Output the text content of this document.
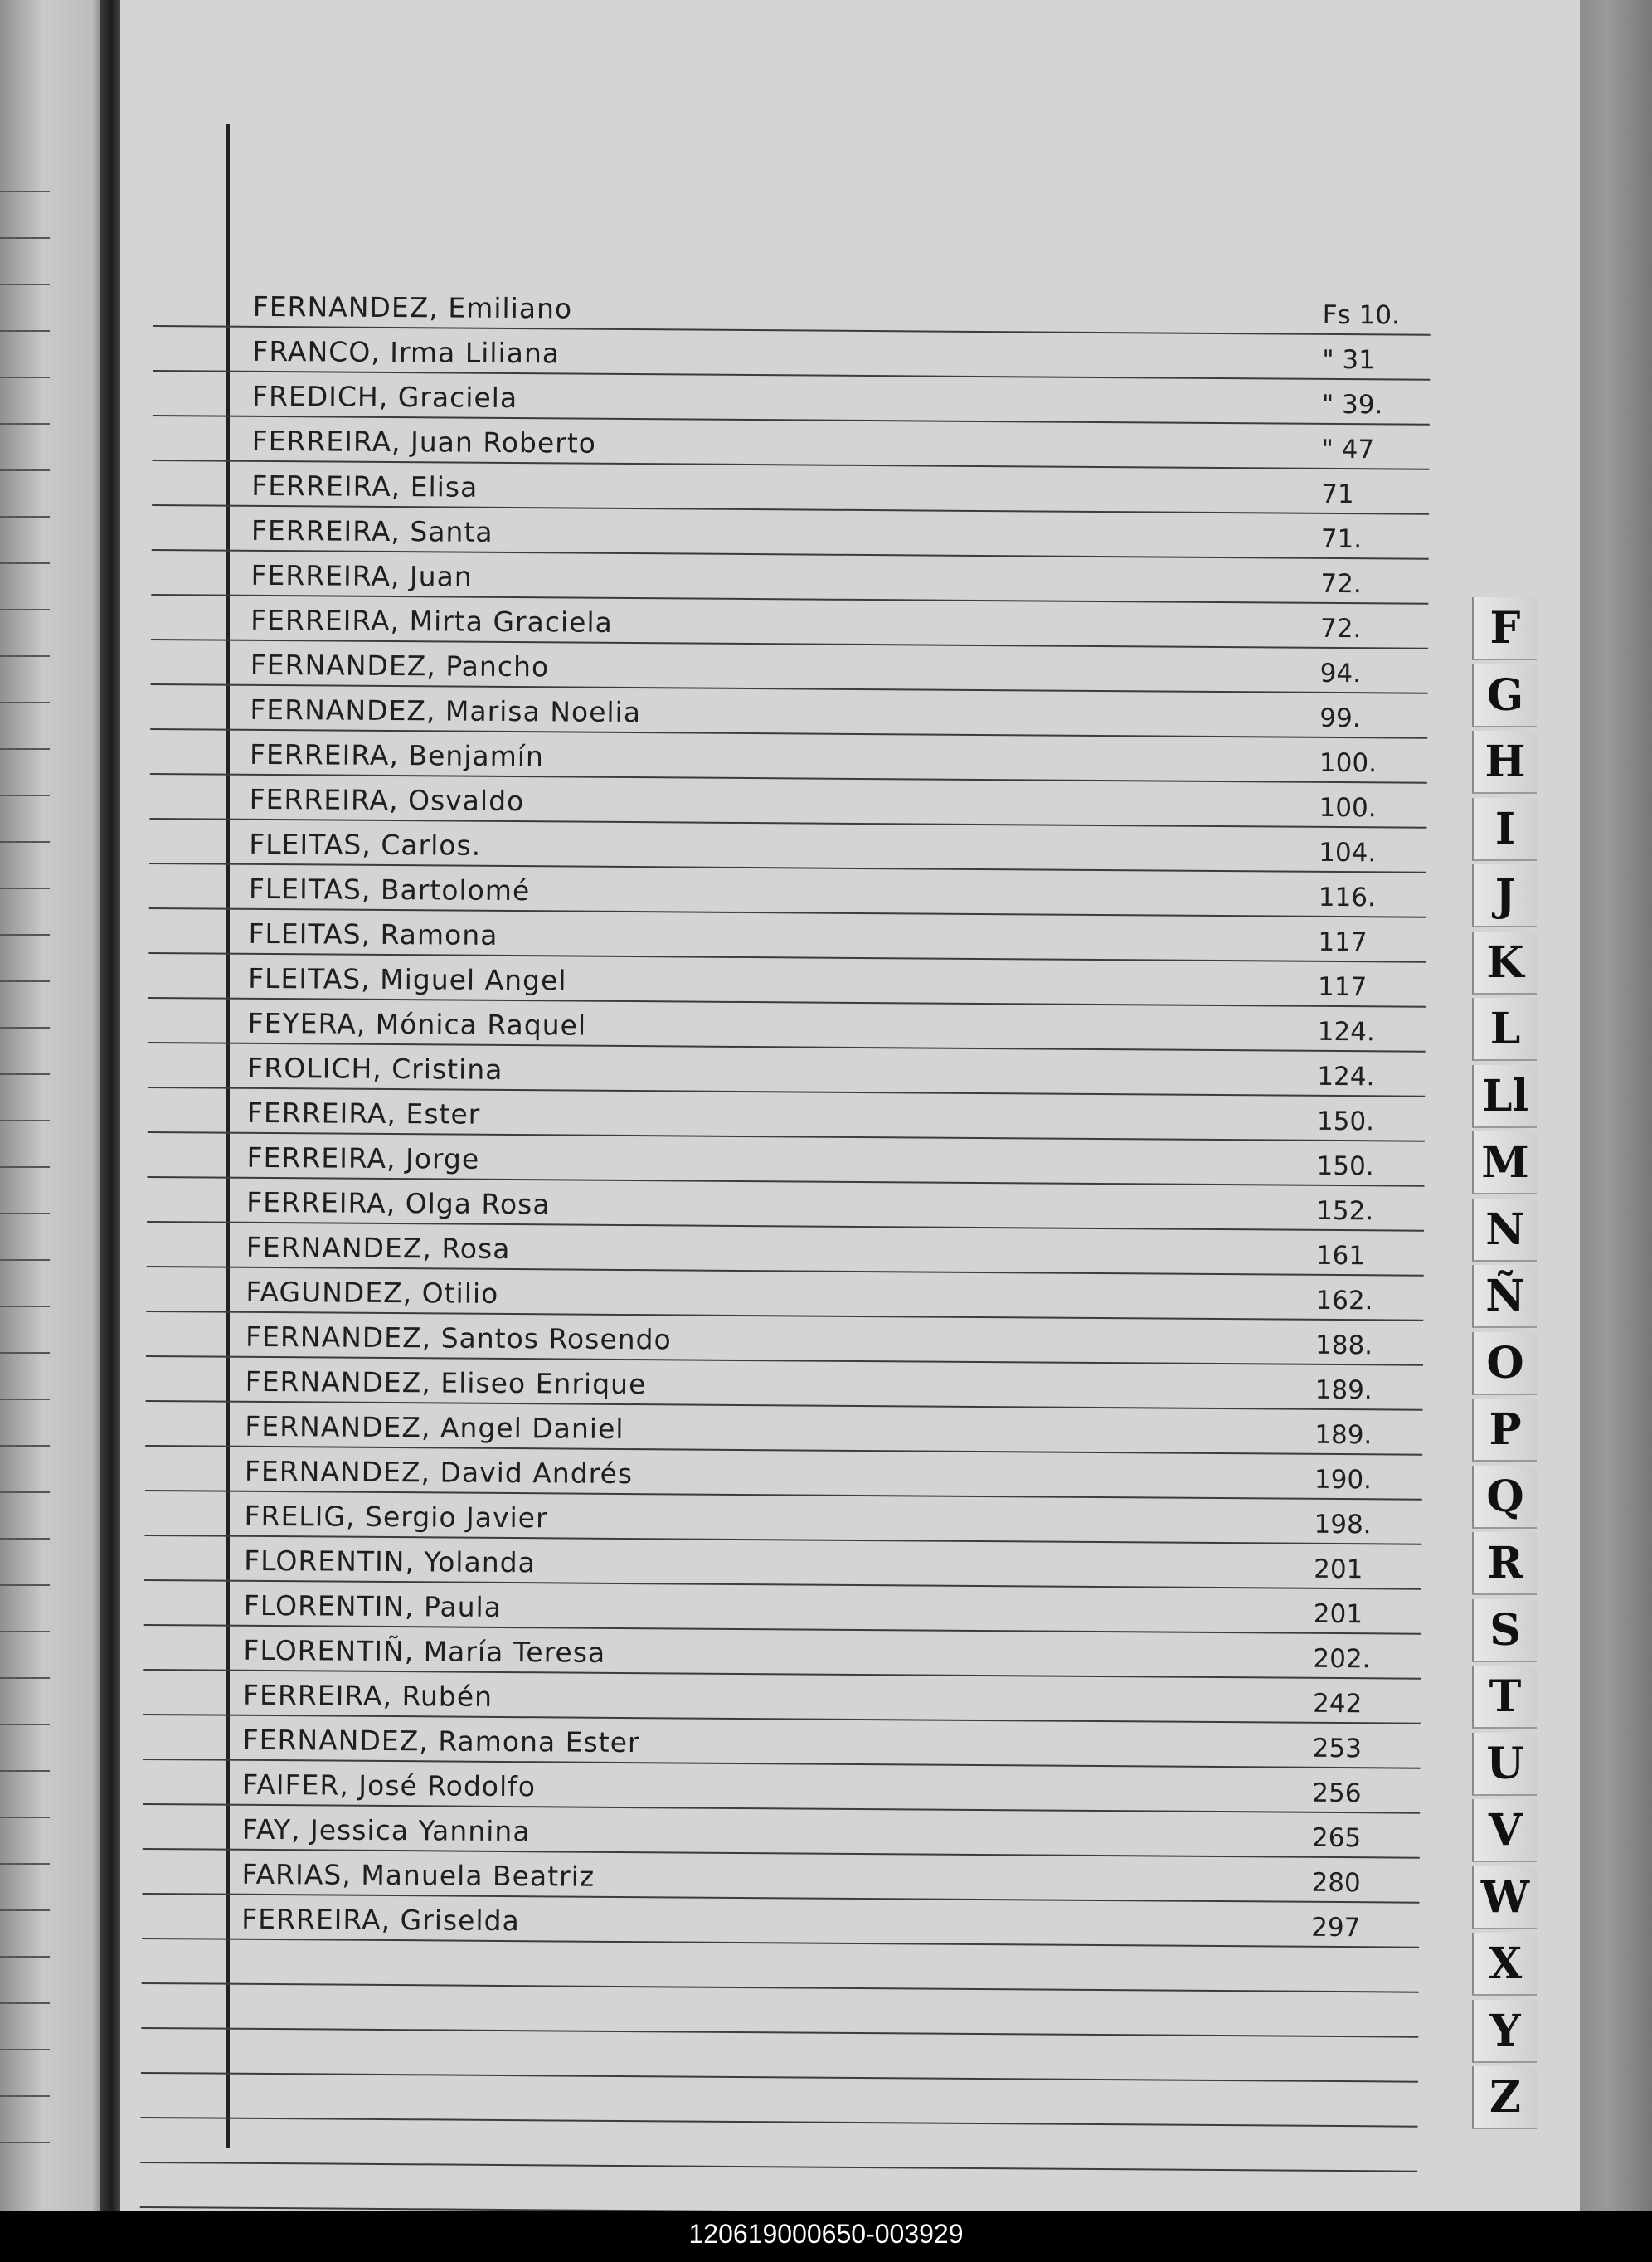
FERNANDEZ, Emiliano	Fs 10.
FRANCO, Irma Liliana	" 31
FREDICH, Graciela	" 39.
FERREIRA, Juan Roberto	" 47
FERREIRA, Elisa	71
FERREIRA, Santa	71.
FERREIRA, Juan	72.
FERREIRA, Mirta Graciela	72.
FERNANDEZ, Pancho	94.
FERNANDEZ, Marisa Noelia	99.
FERREIRA, Benjamín	100.
FERREIRA, Osvaldo	100.
FLEITAS, Carlos.	104.
FLEITAS, Bartolomé	116.
FLEITAS, Ramona	117
FLEITAS, Miguel Angel	117
FEYERA, Mónica Raquel	124.
FROLICH, Cristina	124.
FERREIRA, Ester	150.
FERREIRA, Jorge	150.
FERREIRA, Olga Rosa	152.
FERNANDEZ, Rosa	161
FAGUNDEZ, Otilio	162.
FERNANDEZ, Santos Rosendo	188.
FERNANDEZ, Eliseo Enrique	189.
FERNANDEZ, Angel Daniel	189.
FERNANDEZ, David Andrés	190.
FRELIG, Sergio Javier	198.
FLORENTIN, Yolanda	201
FLORENTIN, Paula	201
FLORENTIÑ, María Teresa	202.
FERREIRA, Rubén	242
FERNANDEZ, Ramona Ester	253
FAIFER, José Rodolfo	256
FAY, Jessica Yannina	265
FARIAS, Manuela Beatriz	280
FERREIRA, Griselda	297
F
G
H
I
J
K
L
Ll
M
N
Ñ
O
P
Q
R
S
T
U
V
W
X
Y
Z
120619000650-003929
